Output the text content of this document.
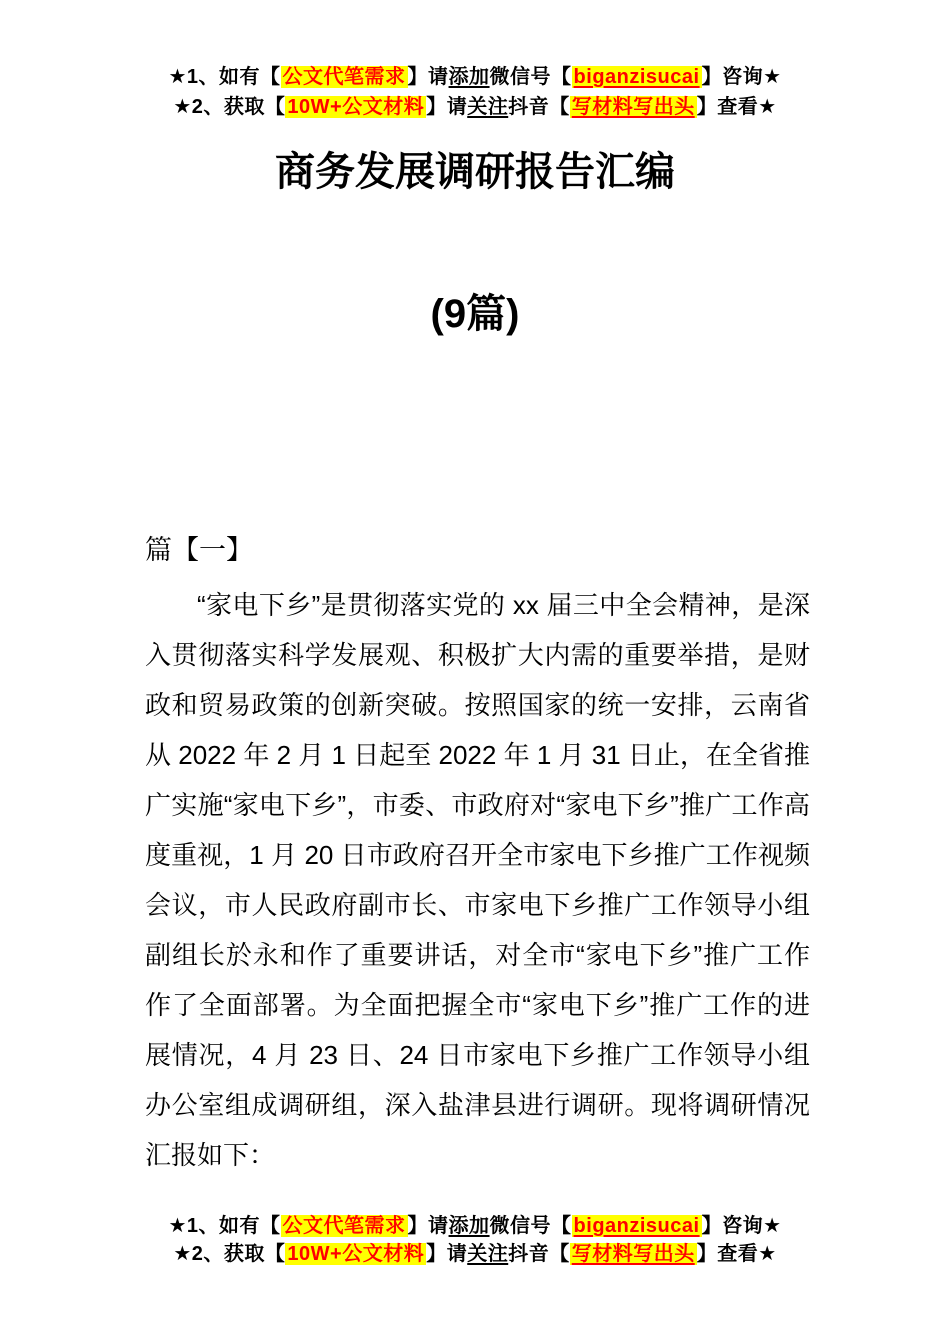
★1、如有【 公文代笔需求 】请添加微信号【 biganzisucai 】咨询★
★2、获取【 10W+公文材料 】请关注抖音【 写材料写出头 】查看★
商务发展调研报告汇编
(9篇)
篇【一】
“家电下乡”是贯彻落实党的 xx 届三中全会精神，是深入贯彻落实科学发展观、积极扩大内需的重要举措，是财政和贸易政策的创新突破。按照国家的统一安排，云南省从 2022 年 2 月 1 日起至 2022 年 1 月 31 日止，在全省推广实施“家电下乡”，市委、市政府对“家电下乡”推广工作高度重视，1 月 20 日市政府召开全市家电下乡推广工作视频会议，市人民政府副市长、市家电下乡推广工作领导小组副组长於永和作了重要讲话，对全市“家电下乡”推广工作作了全面部署。为全面把握全市“家电下乡”推广工作的进展情况，4 月 23 日、24 日市家电下乡推广工作领导小组办公室组成调研组，深入盐津县进行调研。现将调研情况汇报如下：
★1、如有【 公文代笔需求 】请添加微信号【 biganzisucai 】咨询★
★2、获取【 10W+公文材料 】请关注抖音【 写材料写出头 】查看★
